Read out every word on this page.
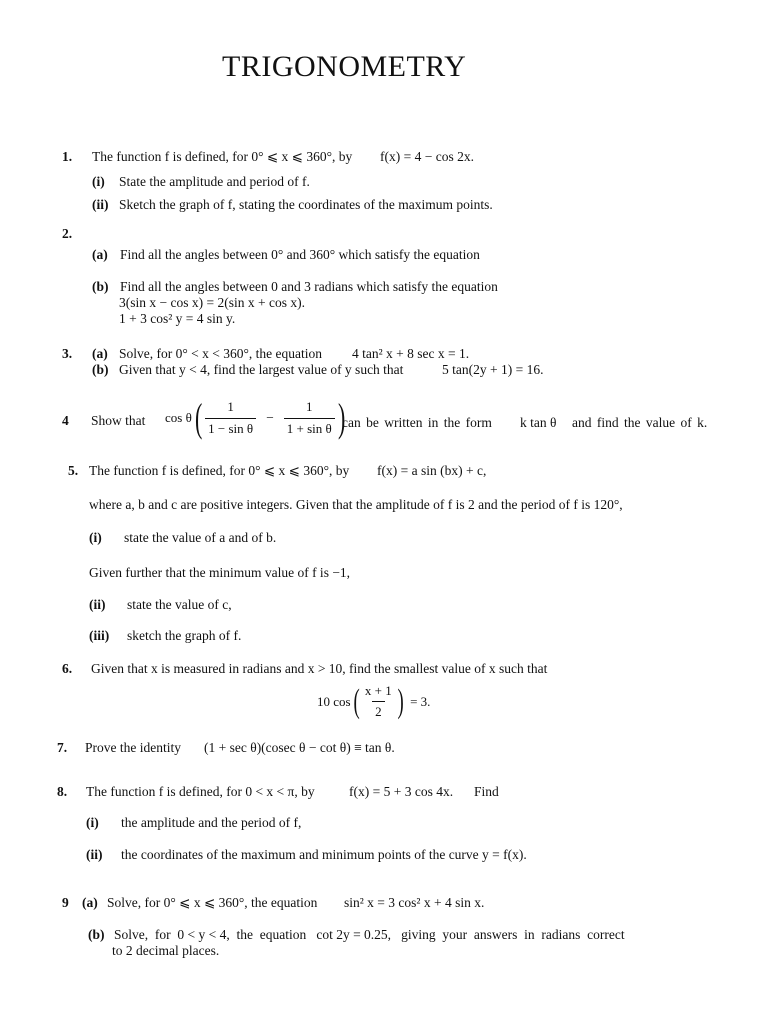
TRIGONOMETRY
1. The function f is defined, for 0° ⩽ x ⩽ 360°, by f(x) = 4 − cos 2x.
(i) State the amplitude and period of f.
(ii) Sketch the graph of f, stating the coordinates of the maximum points.
2.
(a) Find all the angles between 0° and 360° which satisfy the equation
(b) Find all the angles between 0 and 3 radians which satisfy the equation
3(sin x − cos x) = 2(sin x + cos x).
1 + 3 cos² y = 4 sin y.
3. (a) Solve, for 0° < x < 360°, the equation 4 tan² x + 8 sec x = 1.
(b) Given that y < 4, find the largest value of y such that	5 tan(2y + 1) = 16.
4 Show that cos θ ( $\frac{1}{\text{1 − sin θ}} - \frac{1}{\text{1 + sin θ}}$ )
can be written in the form k tan θ and find the value of k.
5. The function f is defined, for 0° ⩽ x ⩽ 360°, by f(x) = a sin (bx) + c,
where a, b and c are positive integers. Given that the amplitude of f is 2 and the period of f is 120°,
(i) state the value of a and of b.
Given further that the minimum value of f is −1,
(ii) state the value of c,
(iii) sketch the graph of f.
6. Given that x is measured in radians and x > 10, find the smallest value of x such that
10 cos ( $\frac{x + 1}{2}$ ) = 3.
7. Prove the identity (1 + sec θ)(cosec θ − cot θ) ≡ tan θ.
8. The function f is defined, for 0 < x < π, by	f(x) = 5 + 3 cos 4x. Find
(i) the amplitude and the period of f,
(ii) the coordinates of the maximum and minimum points of the curve y = f(x).
9 (a) Solve, for 0° ⩽ x ⩽ 360°, the equation sin² x = 3 cos² x + 4 sin x.
(b) Solve,  for  0 < y < 4,  the  equation   cot 2y = 0.25,   giving  your  answers  in  radians  correct
to 2 decimal places.
